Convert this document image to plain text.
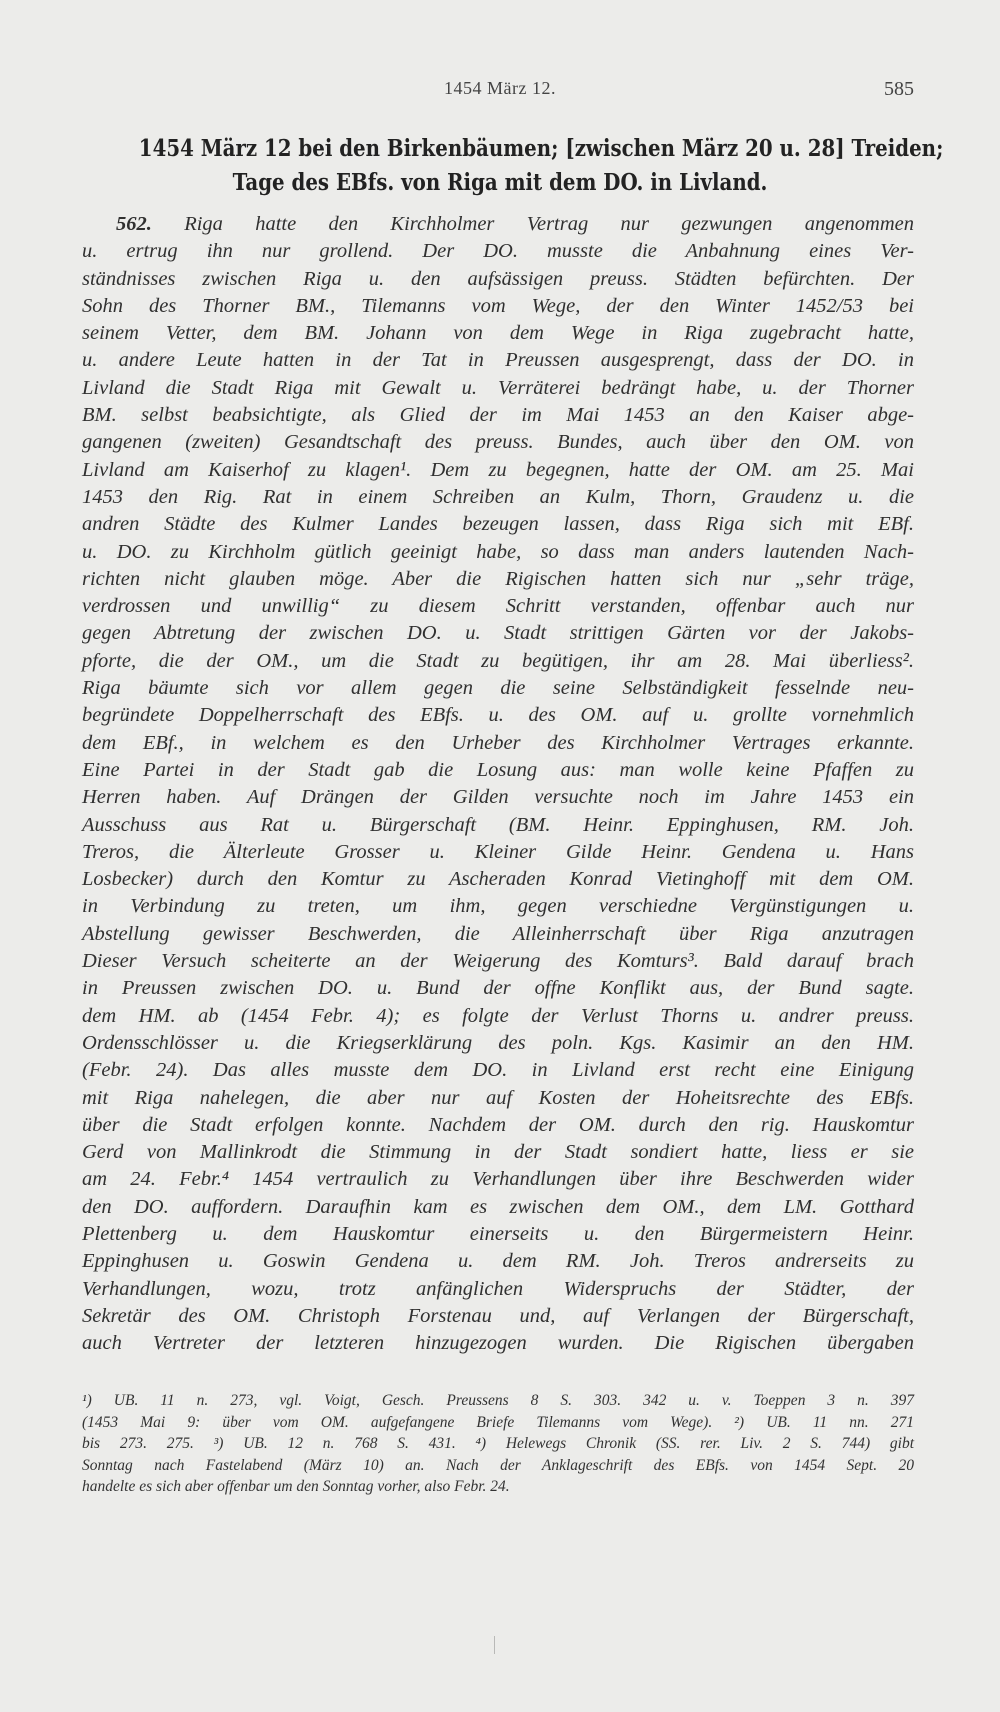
1454 März 12.	585
1454 März 12 bei den Birkenbäumen; [zwischen März 20 u. 28] Treiden;
Tage des EBfs. von Riga mit dem DO. in Livland.
562. Riga hatte den Kirchholmer Vertrag nur gezwungen angenommen
u. ertrug ihn nur grollend. Der DO. musste die Anbahnung eines Ver-
ständnisses zwischen Riga u. den aufsässigen preuss. Städten befürchten. Der
Sohn des Thorner BM., Tilemanns vom Wege, der den Winter 1452/53 bei
seinem Vetter, dem BM. Johann von dem Wege in Riga zugebracht hatte,
u. andere Leute hatten in der Tat in Preussen ausgesprengt, dass der DO. in
Livland die Stadt Riga mit Gewalt u. Verräterei bedrängt habe, u. der Thorner
BM. selbst beabsichtigte, als Glied der im Mai 1453 an den Kaiser abge-
gangenen (zweiten) Gesandtschaft des preuss. Bundes, auch über den OM. von
Livland am Kaiserhof zu klagen¹. Dem zu begegnen, hatte der OM. am 25. Mai
1453 den Rig. Rat in einem Schreiben an Kulm, Thorn, Graudenz u. die
andren Städte des Kulmer Landes bezeugen lassen, dass Riga sich mit EBf.
u. DO. zu Kirchholm gütlich geeinigt habe, so dass man anders lautenden Nach-
richten nicht glauben möge. Aber die Rigischen hatten sich nur „sehr träge,
verdrossen und unwillig“ zu diesem Schritt verstanden, offenbar auch nur
gegen Abtretung der zwischen DO. u. Stadt strittigen Gärten vor der Jakobs-
pforte, die der OM., um die Stadt zu begütigen, ihr am 28. Mai überliess².
Riga bäumte sich vor allem gegen die seine Selbständigkeit fesselnde neu-
begründete Doppelherrschaft des EBfs. u. des OM. auf u. grollte vornehmlich
dem EBf., in welchem es den Urheber des Kirchholmer Vertrages erkannte.
Eine Partei in der Stadt gab die Losung aus: man wolle keine Pfaffen zu
Herren haben. Auf Drängen der Gilden versuchte noch im Jahre 1453 ein
Ausschuss aus Rat u. Bürgerschaft (BM. Heinr. Eppinghusen, RM. Joh.
Treros, die Älterleute Grosser u. Kleiner Gilde Heinr. Gendena u. Hans
Losbecker) durch den Komtur zu Ascheraden Konrad Vietinghoff mit dem OM.
in Verbindung zu treten, um ihm, gegen verschiedne Vergünstigungen u.
Abstellung gewisser Beschwerden, die Alleinherrschaft über Riga anzutragen
Dieser Versuch scheiterte an der Weigerung des Komturs³. Bald darauf brach
in Preussen zwischen DO. u. Bund der offne Konflikt aus, der Bund sagte.
dem HM. ab (1454 Febr. 4); es folgte der Verlust Thorns u. andrer preuss.
Ordensschlösser u. die Kriegserklärung des poln. Kgs. Kasimir an den HM.
(Febr. 24). Das alles musste dem DO. in Livland erst recht eine Einigung
mit Riga nahelegen, die aber nur auf Kosten der Hoheitsrechte des EBfs.
über die Stadt erfolgen konnte. Nachdem der OM. durch den rig. Hauskomtur
Gerd von Mallinkrodt die Stimmung in der Stadt sondiert hatte, liess er sie
am 24. Febr.⁴ 1454 vertraulich zu Verhandlungen über ihre Beschwerden wider
den DO. auffordern. Daraufhin kam es zwischen dem OM., dem LM. Gotthard
Plettenberg u. dem Hauskomtur einerseits u. den Bürgermeistern Heinr.
Eppinghusen u. Goswin Gendena u. dem RM. Joh. Treros andrerseits zu
Verhandlungen, wozu, trotz anfänglichen Widerspruchs der Städter, der
Sekretär des OM. Christoph Forstenau und, auf Verlangen der Bürgerschaft,
auch Vertreter der letzteren hinzugezogen wurden. Die Rigischen übergaben
¹) UB. 11 n. 273, vgl. Voigt, Gesch. Preussens 8 S. 303. 342 u. v. Toeppen 3 n. 397
(1453 Mai 9: über vom OM. aufgefangene Briefe Tilemanns vom Wege). ²) UB. 11 nn. 271
bis 273. 275. ³) UB. 12 n. 768 S. 431. ⁴) Helewegs Chronik (SS. rer. Liv. 2 S. 744) gibt
Sonntag nach Fastelabend (März 10) an. Nach der Anklageschrift des EBfs. von 1454 Sept. 20
handelte es sich aber offenbar um den Sonntag vorher, also Febr. 24.
